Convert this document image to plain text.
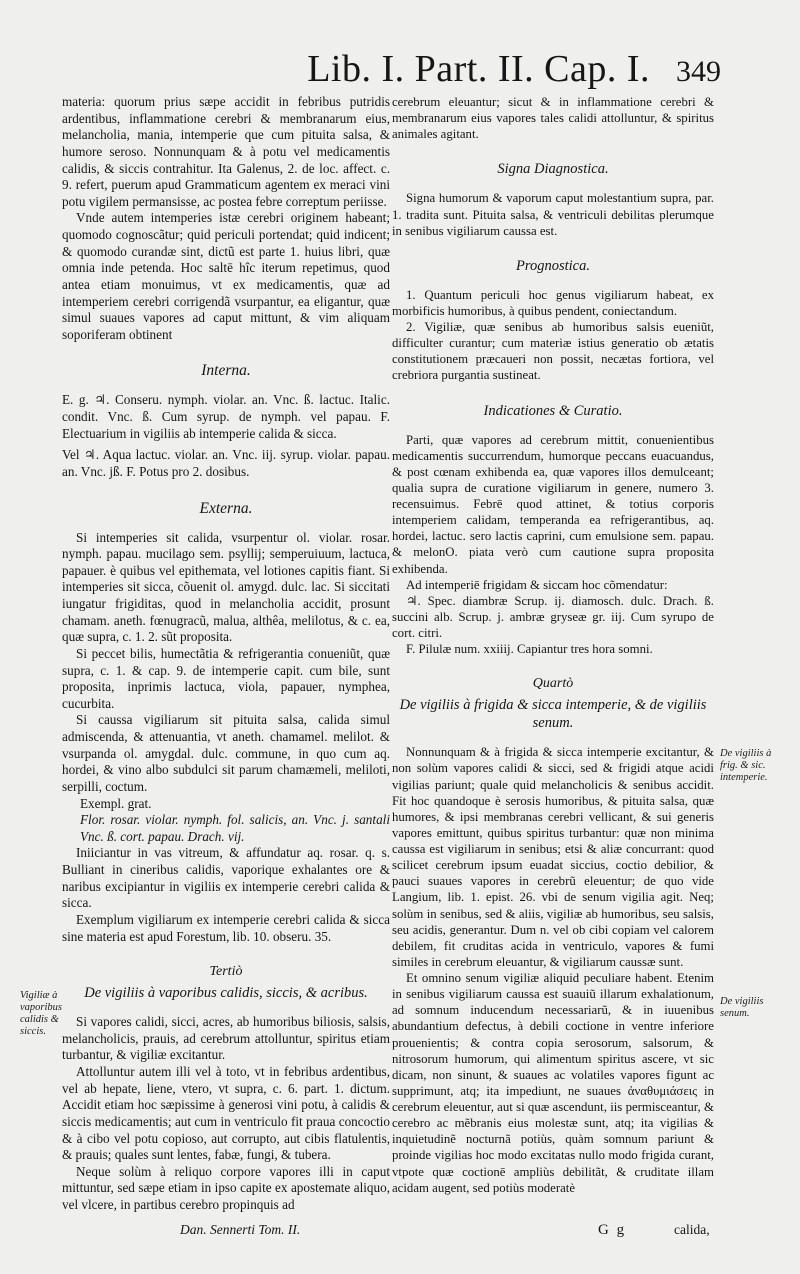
Lib. I. Part. II. Cap. I. 349

materia: quorum prius sæpe accidit in febribus putridis ardentibus, inflammatione cerebri & membranarum eius, melancholia, mania, intemperie que cum pituita salsa, & humore seroso. Nonnunquam & à potu vel medicamentis calidis, & siccis contrahitur. Ita Galenus, 2. de loc. affect. c. 9. refert, puerum apud Grammaticum agentem ex meraci vini potu vigilem permansisse, ac postea febre correptum periisse.

Vnde autem intemperies istæ cerebri originem habeant; quomodo cognoscãtur; quid periculi portendat; quid indicent; & quomodo curandæ sint, dictũ est parte 1. huius libri, quæ omnia inde petenda. Hoc saltē hîc iterum repetimus, quod antea etiam monuimus, vt ex medicamentis, quæ ad intemperiem cerebri corrigendã vsurpantur, ea eligantur, quæ simul suaues vapores ad caput mittunt, & vim aliquam soporiferam obtinent

Interna.

E. g. ♃. Conseru. nymph. violar. an. Vnc. ß. lactuc. Italic. condit. Vnc. ß. Cum syrup. de nymph. vel papau. F. Electuarium in vigiliis ab intemperie calida & sicca.

Vel ♃. Aqua lactuc. violar. an. Vnc. iij. syrup. violar. papau. an. Vnc. jß. F. Potus pro 2. dosibus.

Externa.

Si intemperies sit calida, vsurpentur ol. violar. rosar. nymph. papau. mucilago sem. psyllij; semperuiuum, lactuca, papauer. è quibus vel epithemata, vel lotiones capitis fiant. Si intemperies sit sicca, cõuenit ol. amygd. dulc. lac. Si siccitati iungatur frigiditas, quod in melancholia accidit, prosunt chamam. aneth. fœnugracũ, malua, althêa, melilotus, & c. ea, quæ supra, c. 1. 2. sũt proposita.

Si peccet bilis, humectãtia & refrigerantia conueniũt, quæ supra, c. 1. & cap. 9. de intemperie capit. cum bile, sunt proposita, inprimis lactuca, viola, papauer, nymphea, cucurbita.

Si caussa vigiliarum sit pituita salsa, calida simul admiscenda, & attenuantia, vt aneth. chamamel. melilot. & vsurpanda ol. amygdal. dulc. commune, in quo cum aq. hordei, & vino albo subdulci sit parum chamæmeli, meliloti, serpilli, coctum.

Exempl. grat.

Flor. rosar. violar. nymph. fol. salicis, an. Vnc. j. santali Vnc. ß. cort. papau. Drach. vij.

Iniiciantur in vas vitreum, & affundatur aq. rosar. q. s. Bulliant in cineribus calidis, vaporique exhalantes ore & naribus excipiantur in vigiliis ex intemperie cerebri calida & sicca.

Exemplum vigiliarum ex intemperie cerebri calida & sicca sine materia est apud Forestum, lib. 10. obseru. 35.

Tertiò
De vigiliis à vaporibus calidis, siccis, & acribus.

Si vapores calidi, sicci, acres, ab humoribus biliosis, salsis, melancholicis, prauis, ad cerebrum attolluntur, spiritus etiam turbantur, & vigiliæ excitantur.

Attolluntur autem illi vel à toto, vt in febribus ardentibus, vel ab hepate, liene, vtero, vt supra, c. 6. part. 1. dictum. Accidit etiam hoc sæpissime à generosi vini potu, à calidis & siccis medicamentis; aut cum in ventriculo fit praua concoctio & à cibo vel potu copioso, aut corrupto, aut cibis flatulentis, & prauis; quales sunt lentes, fabæ, fungi, & tubera.

Neque solùm à reliquo corpore vapores illi in caput mittuntur, sed sæpe etiam in ipso capite ex apostemate aliquo, vel vlcere, in partibus cerebro propinquis ad

cerebrum eleuantur; sicut & in inflammatione cerebri & membranarum eius vapores tales calidi attolluntur, & spiritus animales agitant.

Signa Diagnostica.

Signa humorum & vaporum caput molestantium supra, par. 1. tradita sunt. Pituita salsa, & ventriculi debilitas plerumque in senibus vigiliarum caussa est.

Prognostica.

1. Quantum periculi hoc genus vigiliarum habeat, ex morbificis humoribus, à quibus pendent, coniectandum.

2. Vigiliæ, quæ senibus ab humoribus salsis eueniũt, difficulter curantur; cum materiæ istius generatio ob ætatis constitutionem præcaueri non possit, necætas fortiora, vel crebriora purgantia sustineat.

Indicationes & Curatio.

Parti, quæ vapores ad cerebrum mittit, conuenientibus medicamentis succurrendum, humorque peccans euacuandus, & post cœnam exhibenda ea, quæ vapores illos demulceant; qualia supra de curatione vigiliarum in genere, numero 3. recensuimus. Febrē quod attinet, & totius corporis intemperiem calidam, temperanda ea refrigerantibus, aq. hordei, lactuc. sero lactis caprini, cum emulsione sem. papau. & melonO. piata verò cum cautione supra proposita exhibenda.

Ad intemperiē frigidam & siccam hoc cõmendatur:

♃. Spec. diambræ Scrup. ij. diamosch. dulc. Drach. ß. succini alb. Scrup. j. ambræ gryseæ gr. iij. Cum syrupo de cort. citri.

F. Pilulæ num. xxiiij. Capiantur tres hora somni.

Quartò
De vigiliis à frigida & sicca intemperie, & de vigiliis senum.

Nonnunquam & à frigida & sicca intemperie excitantur, & non solùm vapores calidi & sicci, sed & frigidi atque acidi vigilias pariunt; quale quid melancholicis & senibus accidit. Fit hoc quandoque è serosis humoribus, & pituita salsa, quæ humores, & ipsi membranas cerebri vellicant, & sui generis vapores emittunt, quibus spiritus turbantur: quæ non minima caussa est vigiliarum in senibus; etsi & aliæ concurrant: quod scilicet cerebrum ipsum euadat siccius, coctio debilior, & pauci suaues vapores in cerebrũ eleuentur; de quo vide Langium, lib. 1. epist. 26. vbi de senum vigilia agit. Neq; solùm in senibus, sed & aliis, vigiliæ ab humoribus, seu salsis, seu acidis, generantur. Dum n. vel ob cibi copiam vel calorem debilem, fit cruditas acida in ventriculo, vapores & fumi similes in cerebrum eleuantur, & vigiliarum caussæ sunt.

Et omnino senum vigiliæ aliquid peculiare habent. Etenim in senibus vigiliarum caussa est suauiũ illarum exhalationum, ad somnum inducendum necessariarũ, & in iuuenibus abundantium defectus, à debili coctione in ventre inferiore prouenientis; & contra copia serosorum, salsorum, & nitrosorum humorum, qui alimentum spiritus ascere, vt sic dicam, non sinunt, & suaues ac volatiles vapores figunt ac supprimunt, atq; ita impediunt, ne suaues ἀναθυμιάσεις in cerebrum eleuentur, aut si quæ ascendunt, iis permisceantur, & cerebro ac mẽbranis eius molestæ sunt, atq; ita vigilias & inquietudinẽ nocturnã potiùs, quàm somnum pariunt & proinde vigilias hoc modo excitatas nullo modo frigida curant, vtpote quæ coctionē ampliùs debilitãt, & cruditate illam acidam augent, sed potiùs moderatè

Vigiliæ à vaporibus calidis & siccis.
De vigiliis à frig. & sic. intemperie.
De vigiliis senum.
Dan. Sennerti Tom. II.	G g	calida,
